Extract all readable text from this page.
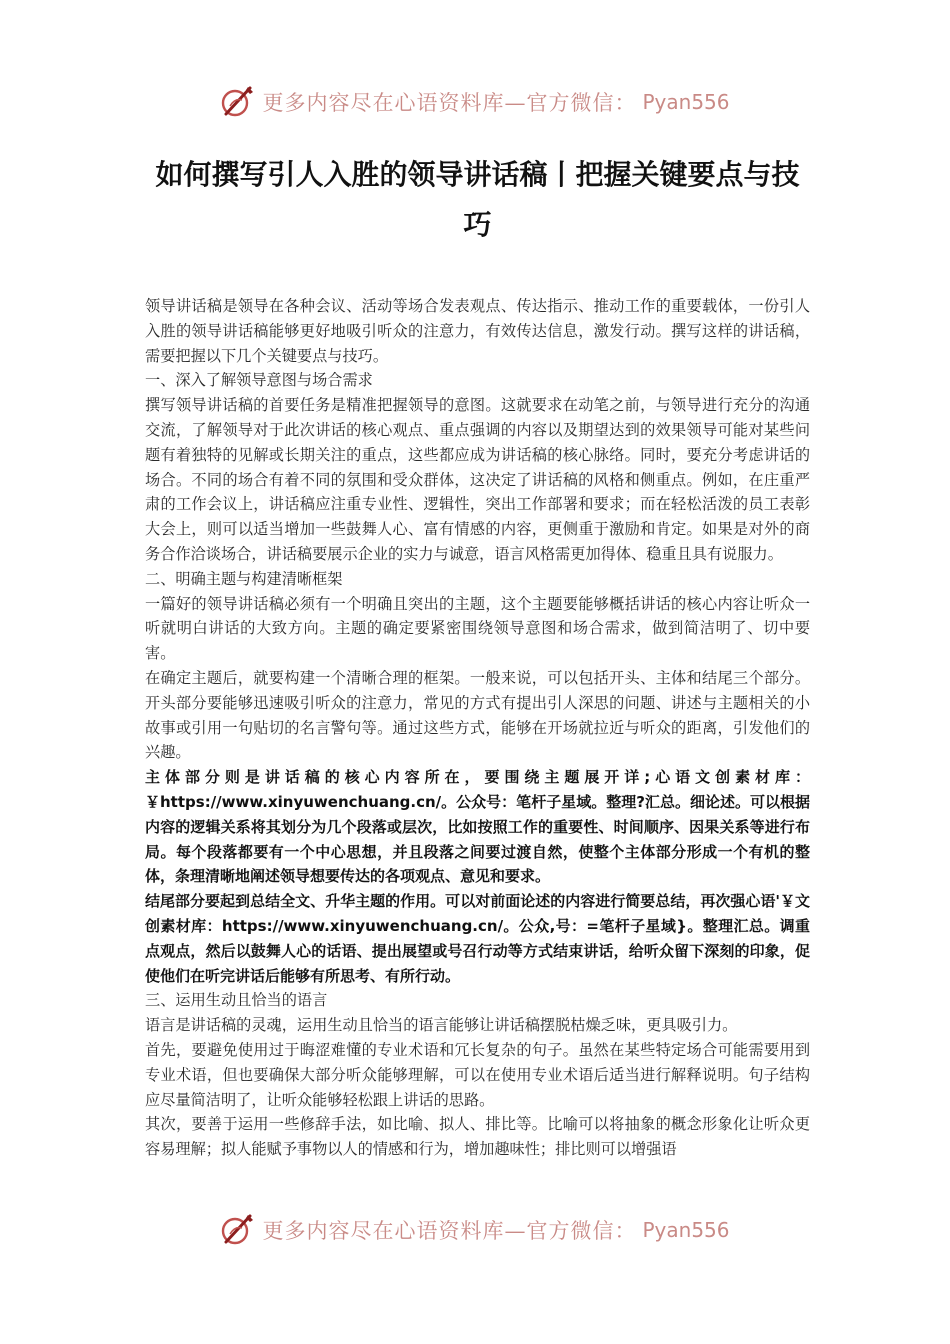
更多内容尽在心语资料库—官方微信： Pyan556
如何撰写引人入胜的领导讲话稿丨把握关键要点与技巧

领导讲话稿是领导在各种会议、活动等场合发表观点、传达指示、推动工作的重要载体，一份引人入胜的领导讲话稿能够更好地吸引听众的注意力，有效传达信息，激发行动。撰写这样的讲话稿，需要把握以下几个关键要点与技巧。

一、深入了解领导意图与场合需求

撰写领导讲话稿的首要任务是精准把握领导的意图。这就要求在动笔之前，与领导进行充分的沟通交流，了解领导对于此次讲话的核心观点、重点强调的内容以及期望达到的效果领导可能对某些问题有着独特的见解或长期关注的重点，这些都应成为讲话稿的核心脉络。同时，要充分考虑讲话的场合。不同的场合有着不同的氛围和受众群体，这决定了讲话稿的风格和侧重点。例如，在庄重严肃的工作会议上，讲话稿应注重专业性、逻辑性，突出工作部署和要求；而在轻松活泼的员工表彰大会上，则可以适当增加一些鼓舞人心、富有情感的内容，更侧重于激励和肯定。如果是对外的商务合作洽谈场合，讲话稿要展示企业的实力与诚意，语言风格需更加得体、稳重且具有说服力。

二、明确主题与构建清晰框架

一篇好的领导讲话稿必须有一个明确且突出的主题，这个主题要能够概括讲话的核心内容让听众一听就明白讲话的大致方向。主题的确定要紧密围绕领导意图和场合需求，做到简洁明了、切中要害。

在确定主题后，就要构建一个清晰合理的框架。一般来说，可以包括开头、主体和结尾三个部分。开头部分要能够迅速吸引听众的注意力，常见的方式有提出引人深思的问题、讲述与主题相关的小故事或引用一句贴切的名言警句等。通过这些方式，能够在开场就拉近与听众的距离，引发他们的兴趣。

主体部分则是讲话稿的核心内容所在，要围绕主题展开详;心语文创素材库：￥https://www.xinyuwenchuang.cn/。公众号：笔杆子星域。整理?汇总。细论述。可以根据内容的逻辑关系将其划分为几个段落或层次，比如按照工作的重要性、时间顺序、因果关系等进行布局。每个段落都要有一个中心思想，并且段落之间要过渡自然，使整个主体部分形成一个有机的整体，条理清晰地阐述领导想要传达的各项观点、意见和要求。

结尾部分要起到总结全文、升华主题的作用。可以对前面论述的内容进行简要总结，再次强心语'￥文创素材库：https://www.xinyuwenchuang.cn/。公众,号：=笔杆子星域}。整理汇总。调重点观点，然后以鼓舞人心的话语、提出展望或号召行动等方式结束讲话，给听众留下深刻的印象，促使他们在听完讲话后能够有所思考、有所行动。

三、运用生动且恰当的语言

语言是讲话稿的灵魂，运用生动且恰当的语言能够让讲话稿摆脱枯燥乏味，更具吸引力。

首先，要避免使用过于晦涩难懂的专业术语和冗长复杂的句子。虽然在某些特定场合可能需要用到专业术语，但也要确保大部分听众能够理解，可以在使用专业术语后适当进行解释说明。句子结构应尽量简洁明了，让听众能够轻松跟上讲话的思路。

其次，要善于运用一些修辞手法，如比喻、拟人、排比等。比喻可以将抽象的概念形象化让听众更容易理解；拟人能赋予事物以人的情感和行为，增加趣味性；排比则可以增强语

更多内容尽在心语资料库—官方微信： Pyan556
